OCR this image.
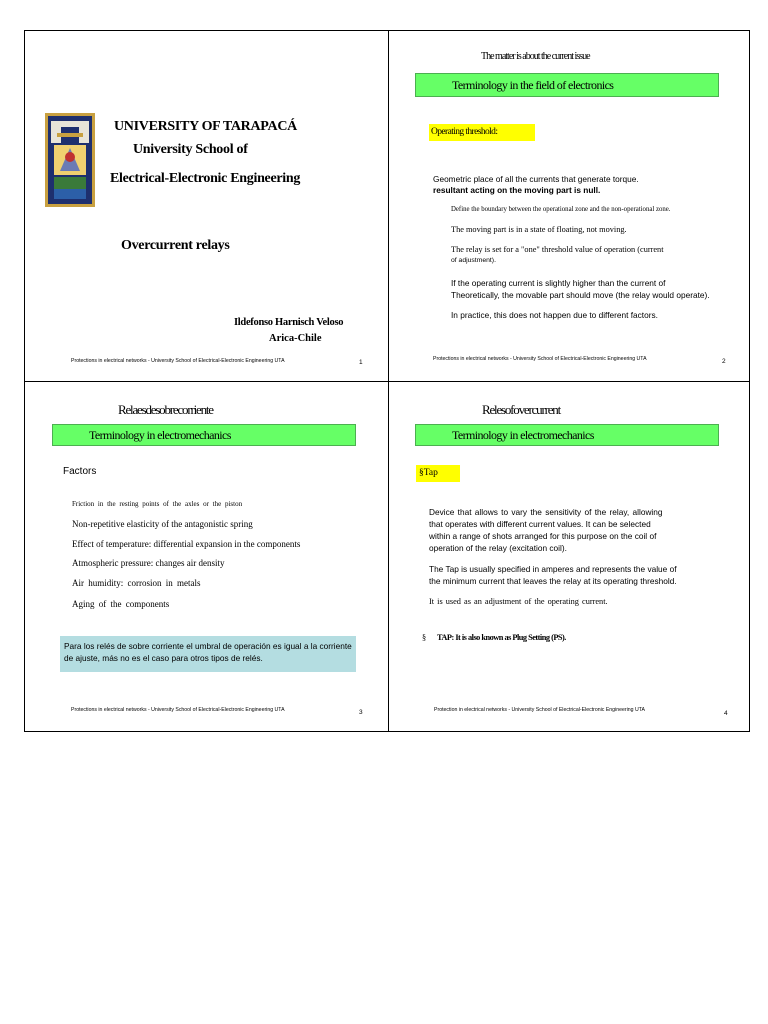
UNIVERSITY OF TARAPACÁ
University School of
Electrical-Electronic Engineering
Overcurrent relays
Ildefonso Harnisch Veloso
Arica-Chile
Protections in electrical networks - University School of Electrical-Electronic Engineering UTA	1
The matter is about the current issue
Terminology in the field of electronics
Operating threshold:
Geometric place of all the currents that generate torque.
resultant acting on the moving part is null.
Define the boundary between the operational zone and the non-operational zone.
The moving part is in a state of floating, not moving.
The relay is set for a "one" threshold value of operation (current
of adjustment).
If the operating current is slightly higher than the current of
Theoretically, the movable part should move (the relay would operate).
In practice, this does not happen due to different factors.
Protections in electrical networks - University School of Electrical-Electronic Engineering UTA	2
Relaesdesobrecorriente
Terminology in electromechanics
Factors
Friction in the resting points of the axles or the piston
Non-repetitive elasticity of the antagonistic spring
Effect of temperature: differential expansion in the components
Atmospheric pressure: changes air density
Air humidity: corrosion in metals
Aging of the components
Para los relés de sobre corriente el umbral de operación es igual a la corriente de ajuste, más no es el caso para otros tipos de relés.
Protections in electrical networks - University School of Electrical-Electronic Engineering UTA	3
Relesofovercurrent
Terminology in electromechanics
§Tap
Device that allows to vary the sensitivity of the relay, allowing
that operates with different current values. It can be selected
within a range of shots arranged for this purpose on the coil of
operation of the relay (excitation coil).
The Tap is usually specified in amperes and represents the value of
the minimum current that leaves the relay at its operating threshold.
It is used as an adjustment of the operating current.
§ TAP: It is also known as Plug Setting (PS).
Protection in electrical networks - University School of Electrical-Electronic Engineering UTA	4
